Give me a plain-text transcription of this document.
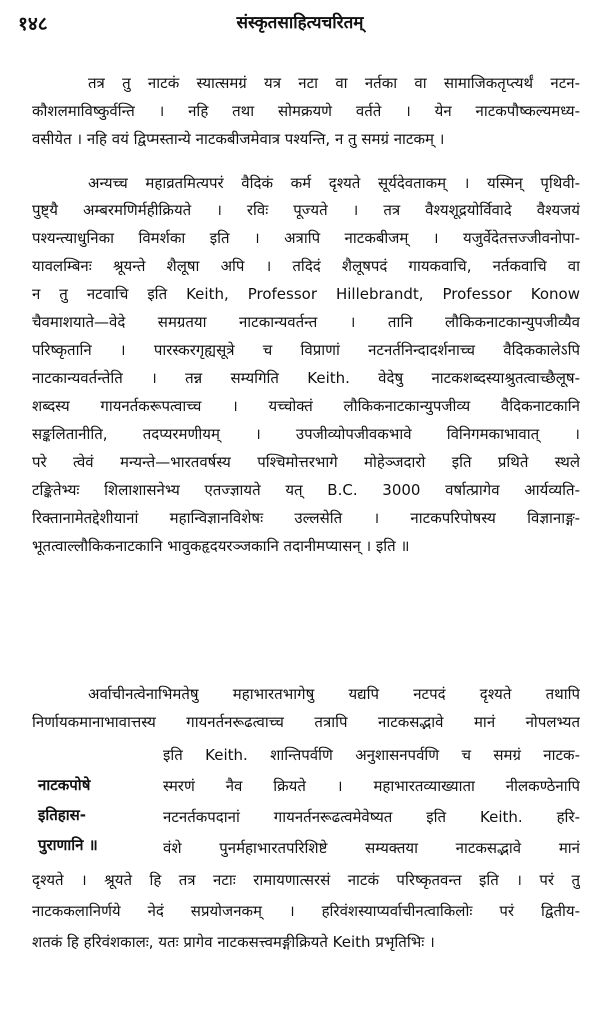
१४८	संस्कृतसाहित्यचरितम्
तत्र तु नाटकं स्यात्समग्रं यत्र नटा वा नर्तका वा सामाजिकतृप्त्यर्थं नटन-
कौशलमाविष्कुर्वन्ति । नहि तथा सोमक्रयणे वर्तते । येन नाटकपौष्कल्यमध्य-
वसीयेत । नहि वयं द्विप्मस्तान्ये नाटकबीजमेवात्र पश्यन्ति, न तु समग्रं नाटकम् ।
अन्यच्च महाव्रतमित्यपरं वैदिकं कर्म दृश्यते सूर्यदेवताकम् । यस्मिन् पृथिवी-
पुष्ट्यै अम्बरमणिर्महीक्रियते । रविः पूज्यते । तत्र वैश्यशूद्रयोर्विवादे वैश्यजयं
पश्यन्त्याधुनिका विमर्शका इति । अत्रापि नाटकबीजम् । यजुर्वेदेतत्तज्जीवनोपा-
यावलम्बिनः श्रूयन्ते शैलूषा अपि । तदिदं शैलूषपदं गायकवाचि, नर्तकवाचि वा
न तु नटवाचि इति Keith, Professor Hillebrandt, Professor Konow
चैवमाशयाते—वेदे समग्रतया नाटकान्यवर्तन्त । तानि लौकिकनाटकान्युपजीव्यैव
परिष्कृतानि । पारस्करगृह्यसूत्रे च विप्राणां नटनर्तनिन्दादर्शनाच्च वैदिककालेऽपि
नाटकान्यवर्तन्तेति । तन्न सम्यगिति Keith. वेदेषु नाटकशब्दस्याश्रुतत्वाच्छैलूष-
शब्दस्य गायनर्तकरूपत्वाच्च । यच्चोक्तं लौकिकनाटकान्युपजीव्य वैदिकनाटकानि
सङ्कलितानीति, तदप्यरमणीयम् । उपजीव्योपजीवकभावे विनिगमकाभावात् ।
परे त्वेवं मन्यन्ते—भारतवर्षस्य पश्चिमोत्तरभागे मोहेञ्जदारो इति प्रथिते स्थले
टङ्कितेभ्यः शिलाशासनेभ्य एतज्ज्ञायते यत् B.C. 3000 वर्षात्प्रागेव आर्यव्यति-
रिक्तानामेतद्देशीयानां महान्विज्ञानविशेषः उल्लसेति । नाटकपरिपोषस्य विज्ञानाङ्ग-
भूतत्वाल्लौकिकनाटकानि भावुकहृदयरञ्जकानि तदानीमप्यासन् । इति ॥
अर्वाचीनत्वेनाभिमतेषु महाभारतभागेषु यद्यपि नटपदं दृश्यते तथापि
निर्णायकमानाभावात्तस्य गायनर्तनरूढत्वाच्च तत्रापि नाटकसद्भावे मानं नोपलभ्यत
इति Keith. शान्तिपर्वणि अनुशासनपर्वणि च समग्रं नाटक-
स्मरणं नैव क्रियते । महाभारतव्याख्याता नीलकण्ठेनापि
नटनर्तकपदानां गायनर्तनरूढत्वमेवेष्यत इति Keith. हरि-
वंशे पुनर्महाभारतपरिशिष्टे सम्यक्तया नाटकसद्भावे मानं
दृश्यते । श्रूयते हि तत्र नटाः रामायणात्सरसं नाटकं परिष्कृतवन्त इति । परं तु
नाटककलानिर्णये नेदं सप्रयोजनकम् । हरिवंशस्याप्यर्वाचीनत्वाकिलोः परं द्वितीय-
शतकं हि हरिवंशकालः, यतः प्रागेव नाटकसत्त्वमङ्गीक्रियते Keith प्रभृतिभिः ।
नाटकपोषे
इतिहास-
पुराणानि ॥
